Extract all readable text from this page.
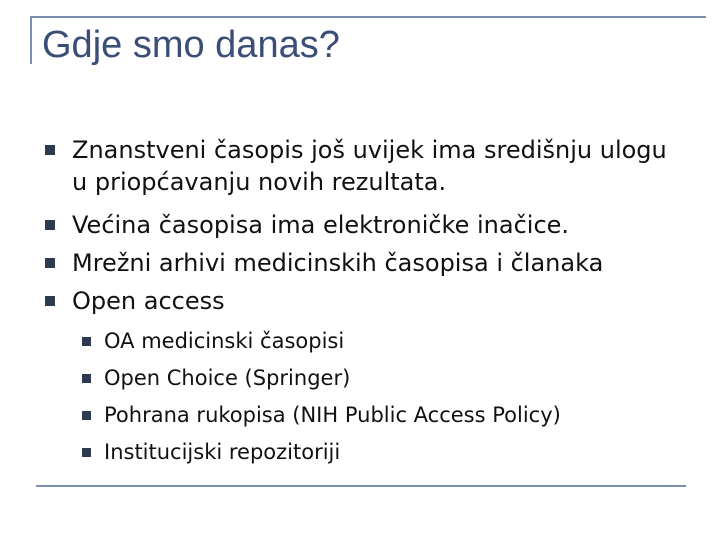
Gdje smo danas?
Znanstveni časopis još uvijek ima središnju ulogu
u priopćavanju novih rezultata.
Većina časopisa ima elektroničke inačice.
Mrežni arhivi medicinskih časopisa i članaka
Open access
OA medicinski časopisi
Open Choice (Springer)
Pohrana rukopisa (NIH Public Access Policy)
Institucijski repozitoriji
